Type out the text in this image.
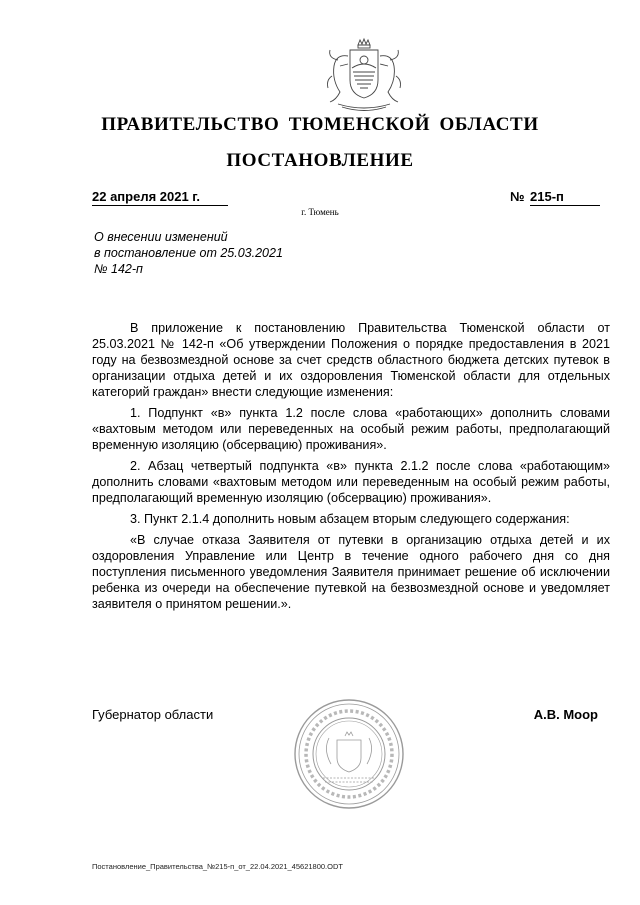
ПРАВИТЕЛЬСТВО ТЮМЕНСКОЙ ОБЛАСТИ
ПОСТАНОВЛЕНИЕ
22 апреля 2021 г.	№ 215-п
г. Тюмень
О внесении изменений
в постановление от 25.03.2021
№ 142-п

В приложение к постановлению Правительства Тюменской области от 25.03.2021 № 142-п «Об утверждении Положения о порядке предоставления в 2021 году на безвозмездной основе за счет средств областного бюджета детских путевок в организации отдыха детей и их оздоровления Тюменской области для отдельных категорий граждан» внести следующие изменения:

1. Подпункт «в» пункта 1.2 после слова «работающих» дополнить словами «вахтовым методом или переведенных на особый режим работы, предполагающий временную изоляцию (обсервацию) проживания».

2. Абзац четвертый подпункта «в» пункта 2.1.2 после слова «работающим» дополнить словами «вахтовым методом или переведенным на особый режим работы, предполагающий временную изоляцию (обсервацию) проживания».

3. Пункт 2.1.4 дополнить новым абзацем вторым следующего содержания:

«В случае отказа Заявителя от путевки в организацию отдыха детей и их оздоровления Управление или Центр в течение одного рабочего дня со дня поступления письменного уведомления Заявителя принимает решение об исключении ребенка из очереди на обеспечение путевкой на безвозмездной основе и уведомляет заявителя о принятом решении.».

Губернатор области	А.В. Моор
Постановление_Правительства_№215-п_от_22.04.2021_45621800.ODT
